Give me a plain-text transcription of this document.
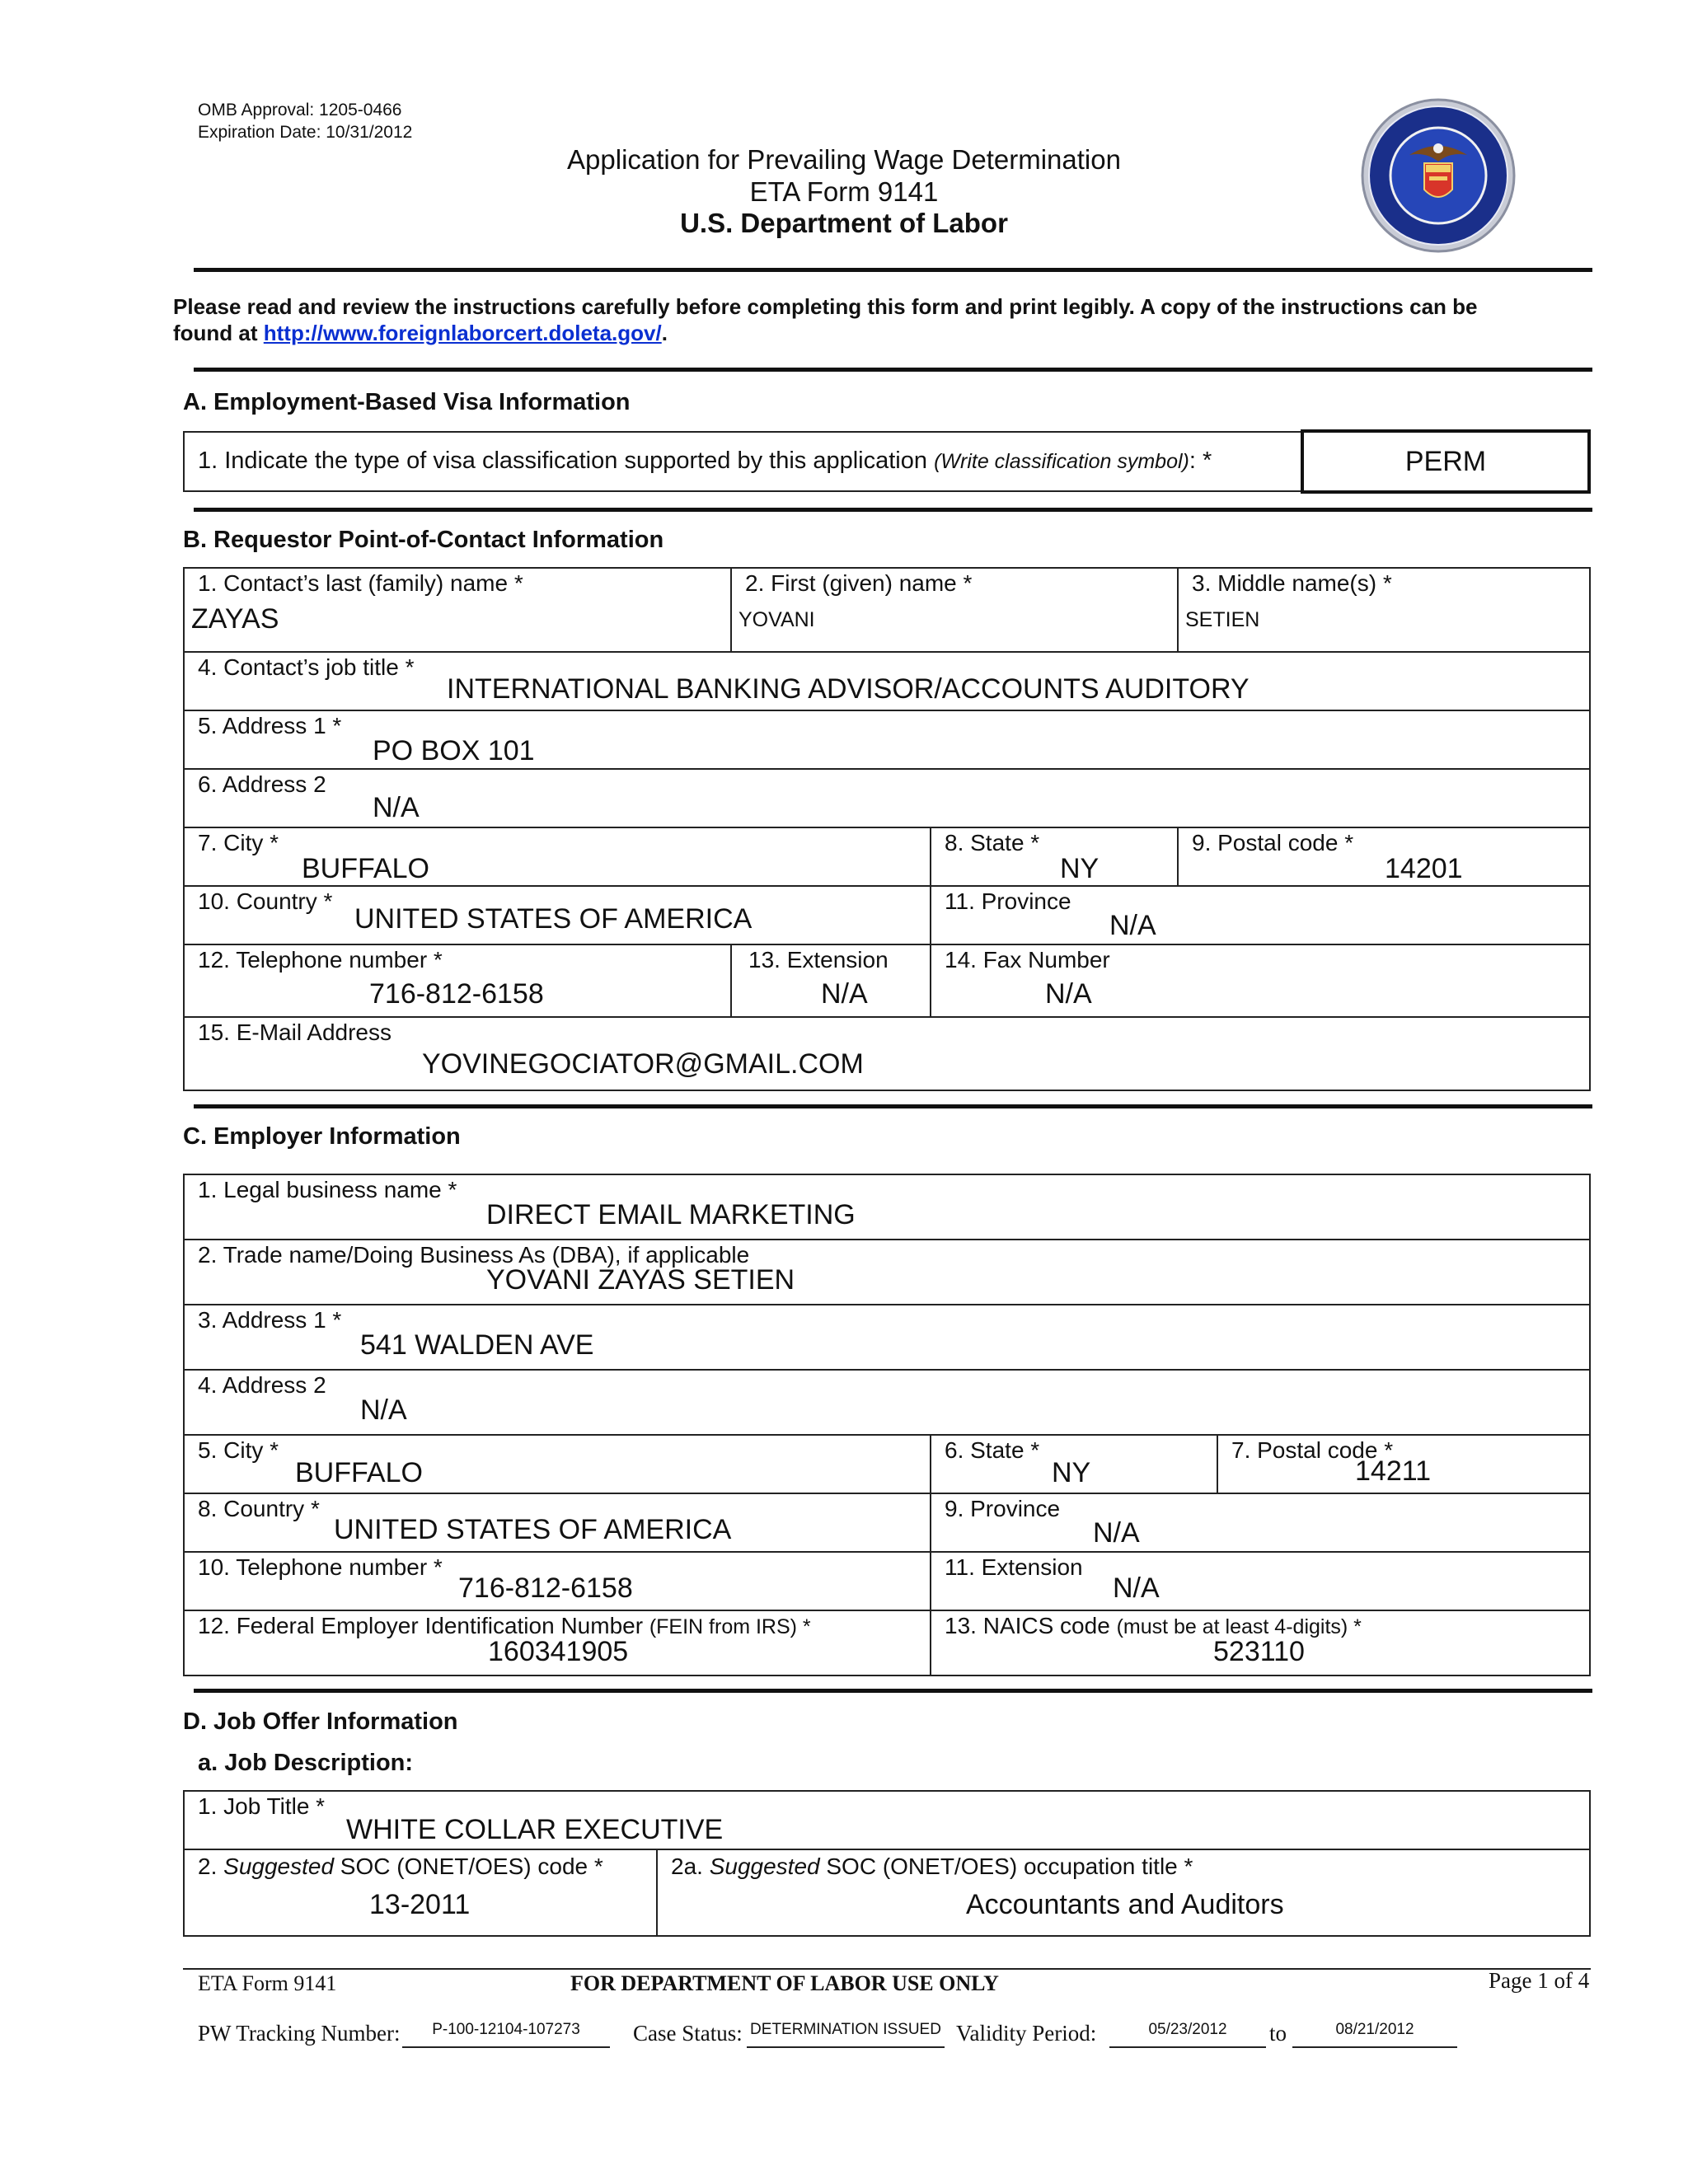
OMB Approval: 1205-0466
Expiration Date: 10/31/2012
Application for Prevailing Wage Determination
ETA Form 9141
U.S. Department of Labor
Please read and review the instructions carefully before completing this form and print legibly. A copy of the instructions can be
found at http://www.foreignlaborcert.doleta.gov/.
A. Employment-Based Visa Information
1. Indicate the type of visa classification supported by this application (Write classification symbol): *	PERM
B. Requestor Point-of-Contact Information
1. Contact’s last (family) name *
ZAYAS
2. First (given) name *
YOVANI
3. Middle name(s) *
SETIEN
4. Contact’s job title *
INTERNATIONAL BANKING ADVISOR/ACCOUNTS AUDITORY
5. Address 1 *
PO BOX 101
6. Address 2
N/A
7. City *
BUFFALO
8. State *
NY
9. Postal code *
14201
10. Country *
UNITED STATES OF AMERICA
11. Province
N/A
12. Telephone number *
716-812-6158
13. Extension
N/A
14. Fax Number
N/A
15. E-Mail Address
YOVINEGOCIATOR@GMAIL.COM
C. Employer Information
1. Legal business name *
DIRECT EMAIL MARKETING
2. Trade name/Doing Business As (DBA), if applicable
YOVANI ZAYAS SETIEN
3. Address 1 *
541 WALDEN AVE
4. Address 2
N/A
5. City *
BUFFALO
6. State *
NY
7. Postal code *
14211
8. Country *
UNITED STATES OF AMERICA
9. Province
N/A
10. Telephone number *
716-812-6158
11. Extension
N/A
12. Federal Employer Identification Number (FEIN from IRS) *
160341905
13. NAICS code (must be at least 4-digits) *
523110
D. Job Offer Information
a. Job Description:
1. Job Title *
WHITE COLLAR EXECUTIVE
2. Suggested SOC (ONET/OES) code *
13-2011
2a. Suggested SOC (ONET/OES) occupation title *
Accountants and Auditors
ETA Form 9141	FOR DEPARTMENT OF LABOR USE ONLY	Page 1 of 4
PW Tracking Number:	P-100-12104-107273	Case Status: DETERMINATION ISSUED Validity Period:	05/23/2012	to	08/21/2012
